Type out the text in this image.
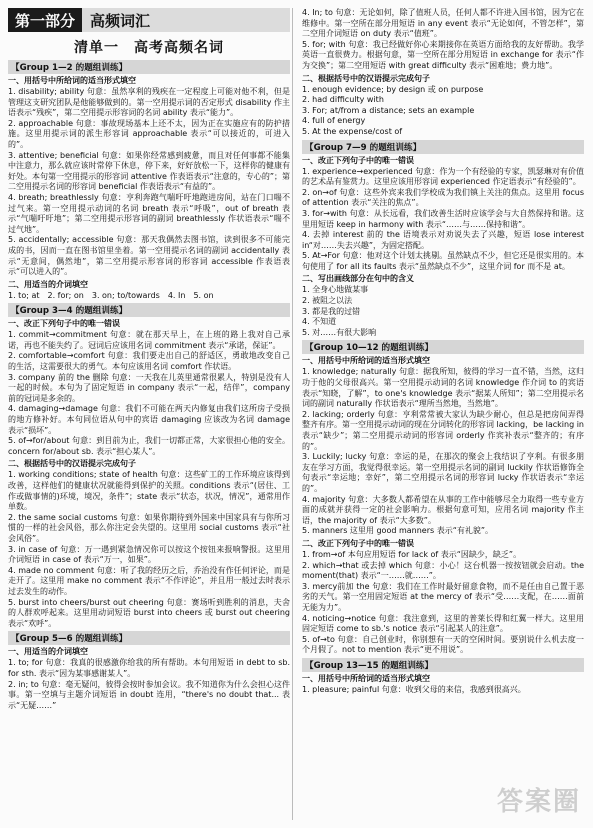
第一部分	高频词汇
清单一　高考高频名词
【Group 1—2 的题组训练】
一、用括号中所给词的适当形式填空
1. disability; ability 句意：虽然享利的残疾在一定程度上可能对他不利，但是管理这支研究团队是他能够做到的。第一空用提示词的否定形式 disability 作主语表示“残疾”，第二空用提示形容词的名词 ability 表示“能力”。
2. approachable 句意：事故现场基本上还不太，因为正在实施应有的防护措施。这里用提示词的派生形容词 approachable 表示“可以接近的，可进入的”。
3. attentive; beneficial 句意：如果你经常感到疲惫，而且对任何事都不能集中注意力，那么就应该时常停下休息，停下来，好好放松一下，这样你的健康有好处。本句第一空用提示的形容词 attentive 作表语表示“注意的，专心的”；第二空用提示名词的形容词 beneficial 作表语表示“有益的”。
4. breath; breathlessly 句意：亨利奔跑气喘吁吁地跑进房间，站在门口喘不过气来。第一空用提示动词的名词 breath 表示“呼吸”，out of breath 表示“气喘吁吁地”；第二空用提示形容词的副词 breathlessly 作状语表示“喘不过气地”。
5. accidentally; accessible 句意：那天我偶然去图书馆，读到很多不可能完成的书，因而一直在图书馆里坐着。第一空用提示名词的副词 accidentally 表示“无意间，偶然地”，第二空用提示形容词的形容词 accessible 作表语表示“可以进入的”。
二、用适当的介词填空
1. to; at　2. for; on　3. on; to/towards　4. In　5. on
【Group 3—4 的题组训练】
一、改正下列句子中的唯一错误
1. commit→commitment 句意：就在那天早上，在上班的路上我对自己承诺，再也不能失约了。冠词后应该用名词 commitment 表示“承诺，保证”。
2. comfortable→comfort 句意：我们要走出自己的舒适区，勇敢地改变自己的生活，这需要很大的勇气。本句应该用名词 comfort 作状语。
3. company 前的 the 删除 句意：一天我在儿英里通常很累人，特别是没有人一起的时候。本句为了固定短语 in company 表示“一起，结伴”，company 前的冠词是多余的。
4. damaging→damage 句意：我们不可能在两天内修复由我们这所房子受损的地方修补好。本句同位语从句中的宾语 damaging 应该改为名词 damage 表示“损坏”。
5. of→for/about 句意：到目前为止，我们一切都正常，大家很担心他的安全。concern for/about sb. 表示“担心某人”。
二、根据括号中的汉语提示完成句子
1. working conditions; state of health 句意：这些矿工的工作环境应该得到改善，这样他们的健康状况就能得到保护的关照。conditions 表示“(居住、工作或做事情的)环境，境况，条件”；state 表示“状态，状况，情况”，通常用作单数。
2. the same social customs 句意：如果你期待到外国来中国家具有与你所习惯的一样的社会风俗，那么你注定会失望的。这里用 social customs 表示“社会风俗”。
3. in case of 句意：万一遇到紧急情况你可以按这个按钮来报响警报。这里用介词短语 in case of 表示“万一，如果”。
4. made no comment 句意：听了我的经历之后，乔治没有作任何评论，而是走开了。这里用 make no comment 表示“不作评论”，并且用一般过去时表示过去发生的动作。
5. burst into cheers/burst out cheering 句意：赛场听到胜利的消息，夫舍的人群欢呼起来。这里用动词短语 burst into cheers 或 burst out cheering 表示“欢呼”。
【Group 5—6 的题组训练】
一、用适当的介词填空
1. to; for 句意：我真的很感激你给我的所有帮助。本句用短语 in debt to sb. for sth. 表示“因为某事感谢某人”。
2. in; to 句意：毫无疑问，彼得会按时参加会议。我不知道你为什么会担心这件事。第一空填与主题介词短语 in doubt 连用，“there's no doubt that... 表示“无疑……”
4. In; to 句意：无论如何，除了值班人员，任何人都不许进入国书馆，因为它在维修中。第一空所在部分用短语 in any event 表示“无论如何，不管怎样”，第二空用介词短语 on duty 表示“值班”。
5. for; with 句意：我已经做好你心来期接你在英语方面给我的友好帮助。我学英语一直很费力。根据句意，第一空所在部分用短语 in exchange for 表示“作为交换”；第二空用短语 with great difficulty 表示“困难地；费力地”。
二、根据括号中的汉语提示完成句子
1. enough evidence; by design 或 on purpose
2. had difficulty with
3. For; at/from a distance; sets an example
4. full of energy
5. At the expense/cost of
【Group 7—9 的题组训练】
一、改正下列句子中的唯一错误
1. experience→experienced 句意：作为一个有经验的专家，凯瑟琳对有价值的艺术品有鉴赏力。这里应该用形容词 experienced 作定语表示“有经验的”。
2. on→of 句意：这些外宾来我们学校成为我们镇上关注的焦点。这里用 focus of attention 表示“关注的焦点”。
3. for→with 句意：从长远看，我们改善生活时应该学会与大自然保持和谐。这里用短语 keep in harmony with 表示“……与……保持和谐”。
4. 去掉 interest 前的 the 语境表示对劝说失去了兴趣，短语 lose interest in“对……失去兴趣”，为固定搭配。
5. At→For 句意：他对这个计划太挑剔。虽然缺点不少，但它还是很实用的。本句使用了 for all its faults 表示“虽然缺点不少”，这里介词 for 而不是 at。
二、写出画线部分在句中的含义
1. 全身心地做某事
2. 被阻之以法
3. 都是我的过错
4. 不知道
5. 对……有很大影响
【Group 10—12 的题组训练】
一、用括号中所给词的适当形式填空
1. knowledge; naturally 句意：据我所知，彼得的学习一直不错，当然，这归功于他的父母很高兴。第一空用提示动词的名词 knowledge 作介词 to 的宾语表示“知晓，了解”，to one's knowledge 表示“据某人所知”；第二空用提示名词的副词 naturally 作状语表示“理所当然地，当然地”。
2. lacking; orderly 句意：亨利常常被大家认为缺少耐心，但总是把房间弄得整齐有序。第一空用提示动词的现在分词转化的形容词 lacking，be lacking in 表示“缺少”；第二空用提示动词的形容词 orderly 作宾补表示“整齐的；有序的”。
3. Luckily; lucky 句意：幸运的是，在那次的聚会上我结识了亨利。有很多朋友在学习方面，我觉得很幸运。第一空用提示名词的副词 luckily 作状语修饰全句表示“幸运地；幸好”，第二空用提示名词的形容词 lucky 作状语表示“幸运的”。
4. majority 句意：大多数人都希望在从事的工作中能够尽全力取得一些专业方面的成就并获得一定的社会影响力。根据句意可知，应用名词 majority 作主语，the majority of 表示“大多数”。
5. manners 这里用 good manners 表示“有礼貌”。
二、改正下列句子中的唯一错误
1. from→of 本句应用短语 for lack of 表示“因缺少，缺乏”。
2. which→that 或去掉 which 句意：小心！这台机器一按按钮就会启动。the moment(that) 表示“一……就……”。
3. mercy前加 the 句意：我们在工作时最好留意食物，而不是任由自己置于恶劣的天气。第一空用固定短语 at the mercy of 表示“受……支配，在……面前无能为力”。
4. noticing→notice 句意：我注意到，这里的普莱长得和红翼一样大。这里用固定短语 come to sb.'s notice 表示“引起某人的注意”。
5. of→to 句意：自己创业时，你别想有一天的空闲时间。要别说什么机去度一个月假了。not to mention 表示“更不用说”。
【Group 13—15 的题组训练】
一、用括号中所给词的适当形式填空
1. pleasure; painful 句意：收到父母的来信，我感到很高兴。
答案圈
